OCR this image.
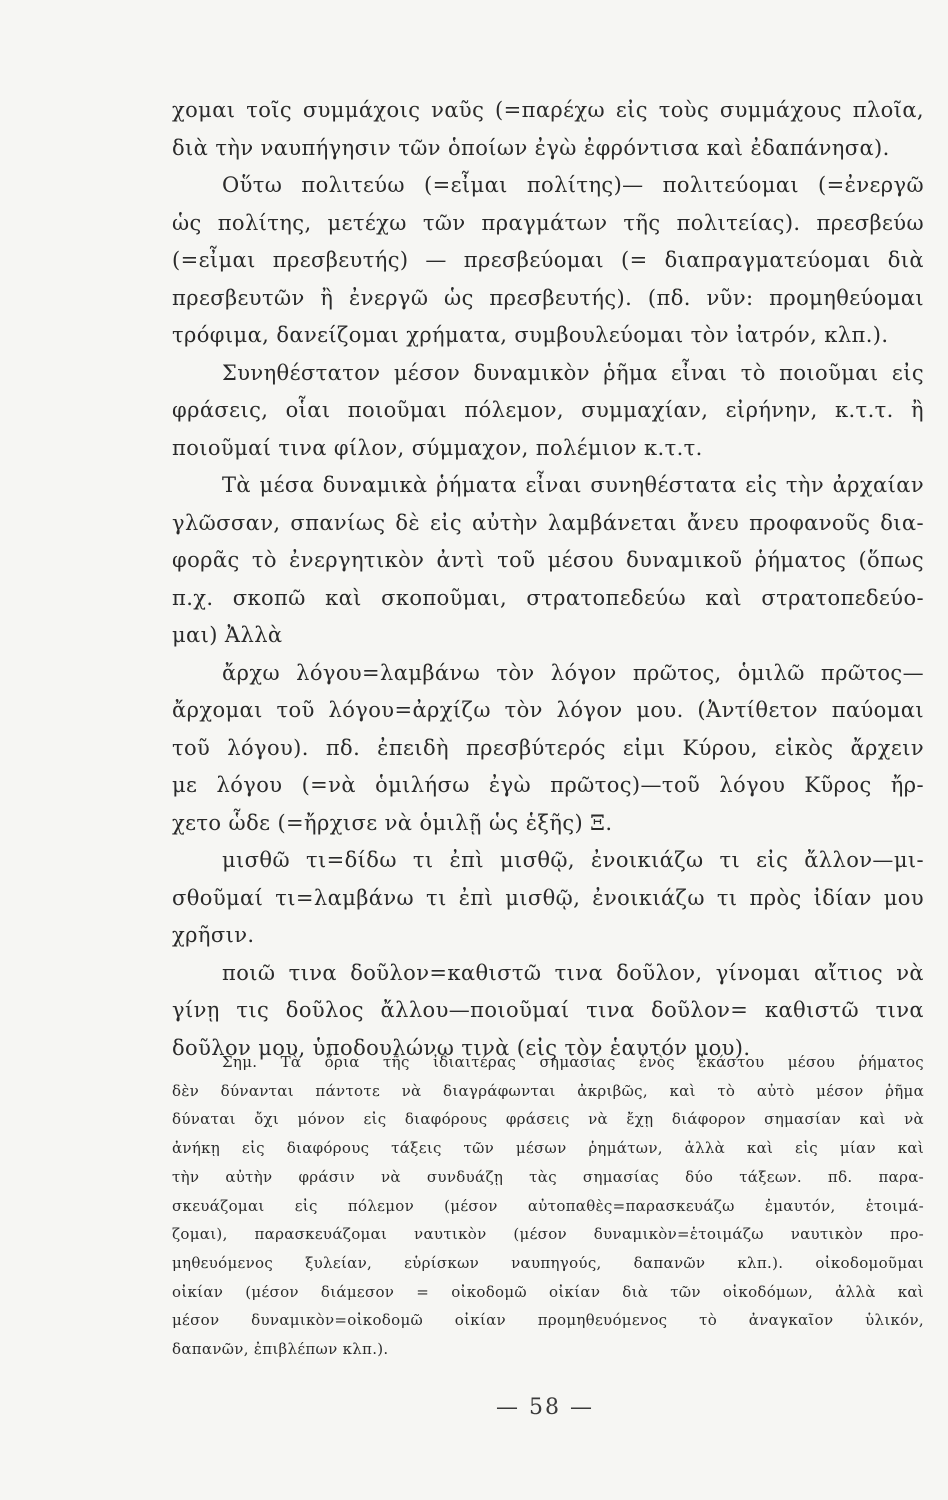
χομαι τοῖς συμμάχοις ναῦς (=παρέχω εἰς τοὺς συμμάχους πλοῖα,
διὰ τὴν ναυπήγησιν τῶν ὁποίων ἐγὼ ἐφρόντισα καὶ ἐδαπάνησα).
Οὕτω πολιτεύω (=εἶμαι πολίτης)— πολιτεύομαι (=ἐνεργῶ
ὡς πολίτης, μετέχω τῶν πραγμάτων τῆς πολιτείας). πρεσβεύω
(=εἶμαι πρεσβευτής) — πρεσβεύομαι (= διαπραγματεύομαι διὰ
πρεσβευτῶν ἢ ἐνεργῶ ὡς πρεσβευτής). (πδ. νῦν: προμηθεύομαι
τρόφιμα, δανείζομαι χρήματα, συμβουλεύομαι τὸν ἰατρόν, κλπ.).
Συνηθέστατον μέσον δυναμικὸν ῥῆμα εἶναι τὸ ποιοῦμαι εἰς
φράσεις, οἷαι ποιοῦμαι πόλεμον, συμμαχίαν, εἰρήνην, κ.τ.τ. ἢ
ποιοῦμαί τινα φίλον, σύμμαχον, πολέμιον κ.τ.τ.
Τὰ μέσα δυναμικὰ ῥήματα εἶναι συνηθέστατα εἰς τὴν ἀρχαίαν
γλῶσσαν, σπανίως δὲ εἰς αὐτὴν λαμβάνεται ἄνευ προφανοῦς δια-
φορᾶς τὸ ἐνεργητικὸν ἀντὶ τοῦ μέσου δυναμικοῦ ῥήματος (ὅπως
π.χ. σκοπῶ καὶ σκοποῦμαι, στρατοπεδεύω καὶ στρατοπεδεύο-
μαι) Ἀλλὰ
ἄρχω λόγου=λαμβάνω τὸν λόγον πρῶτος, ὁμιλῶ πρῶτος—
ἄρχομαι τοῦ λόγου=ἀρχίζω τὸν λόγον μου. (Ἀντίθετον παύομαι
τοῦ λόγου). πδ. ἐπειδὴ πρεσβύτερός εἰμι Κύρου, εἰκὸς ἄρχειν
με λόγου (=νὰ ὁμιλήσω ἐγὼ πρῶτος)—τοῦ λόγου Κῦρος ἤρ-
χετο ὧδε (=ἤρχισε νὰ ὁμιλῇ ὡς ἑξῆς) Ξ.
μισθῶ τι=δίδω τι ἐπὶ μισθῷ, ἐνοικιάζω τι εἰς ἄλλον—μι-
σθοῦμαί τι=λαμβάνω τι ἐπὶ μισθῷ, ἐνοικιάζω τι πρὸς ἰδίαν μου
χρῆσιν.
ποιῶ τινα δοῦλον=καθιστῶ τινα δοῦλον, γίνομαι αἴτιος νὰ
γίνῃ τις δοῦλος ἄλλου—ποιοῦμαί τινα δοῦλον= καθιστῶ τινα
δοῦλον μου, ὑποδουλώνω τινὰ (εἰς τὸν ἑαυτόν μου).
Σημ. Τὰ ὅρια τῆς ἰδιαιτέρας σημασίας ἑνὸς ἑκάστου μέσου ῥήματος
δὲν δύνανται πάντοτε νὰ διαγράφωνται ἀκριβῶς, καὶ τὸ αὐτὸ μέσον ῥῆμα
δύναται ὄχι μόνον εἰς διαφόρους φράσεις νὰ ἔχῃ διάφορον σημασίαν καὶ νὰ
ἀνήκῃ εἰς διαφόρους τάξεις τῶν μέσων ῥημάτων, ἀλλὰ καὶ εἰς μίαν καὶ
τὴν αὐτὴν φράσιν νὰ συνδυάζῃ τὰς σημασίας δύο τάξεων. πδ. παρα-
σκευάζομαι εἰς πόλεμον (μέσον αὐτοπαθὲς=παρασκευάζω ἐμαυτόν, ἑτοιμά-
ζομαι), παρασκευάζομαι ναυτικὸν (μέσον δυναμικὸν=ἑτοιμάζω ναυτικὸν προ-
μηθευόμενος ξυλείαν, εὑρίσκων ναυπηγούς, δαπανῶν κλπ.). οἰκοδομοῦμαι
οἰκίαν (μέσον διάμεσον = οἰκοδομῶ οἰκίαν διὰ τῶν οἰκοδόμων, ἀλλὰ καὶ
μέσον δυναμικὸν=οἰκοδομῶ οἰκίαν προμηθευόμενος τὸ ἀναγκαῖον ὑλικόν,
δαπανῶν, ἐπιβλέπων κλπ.).
— 58 —
